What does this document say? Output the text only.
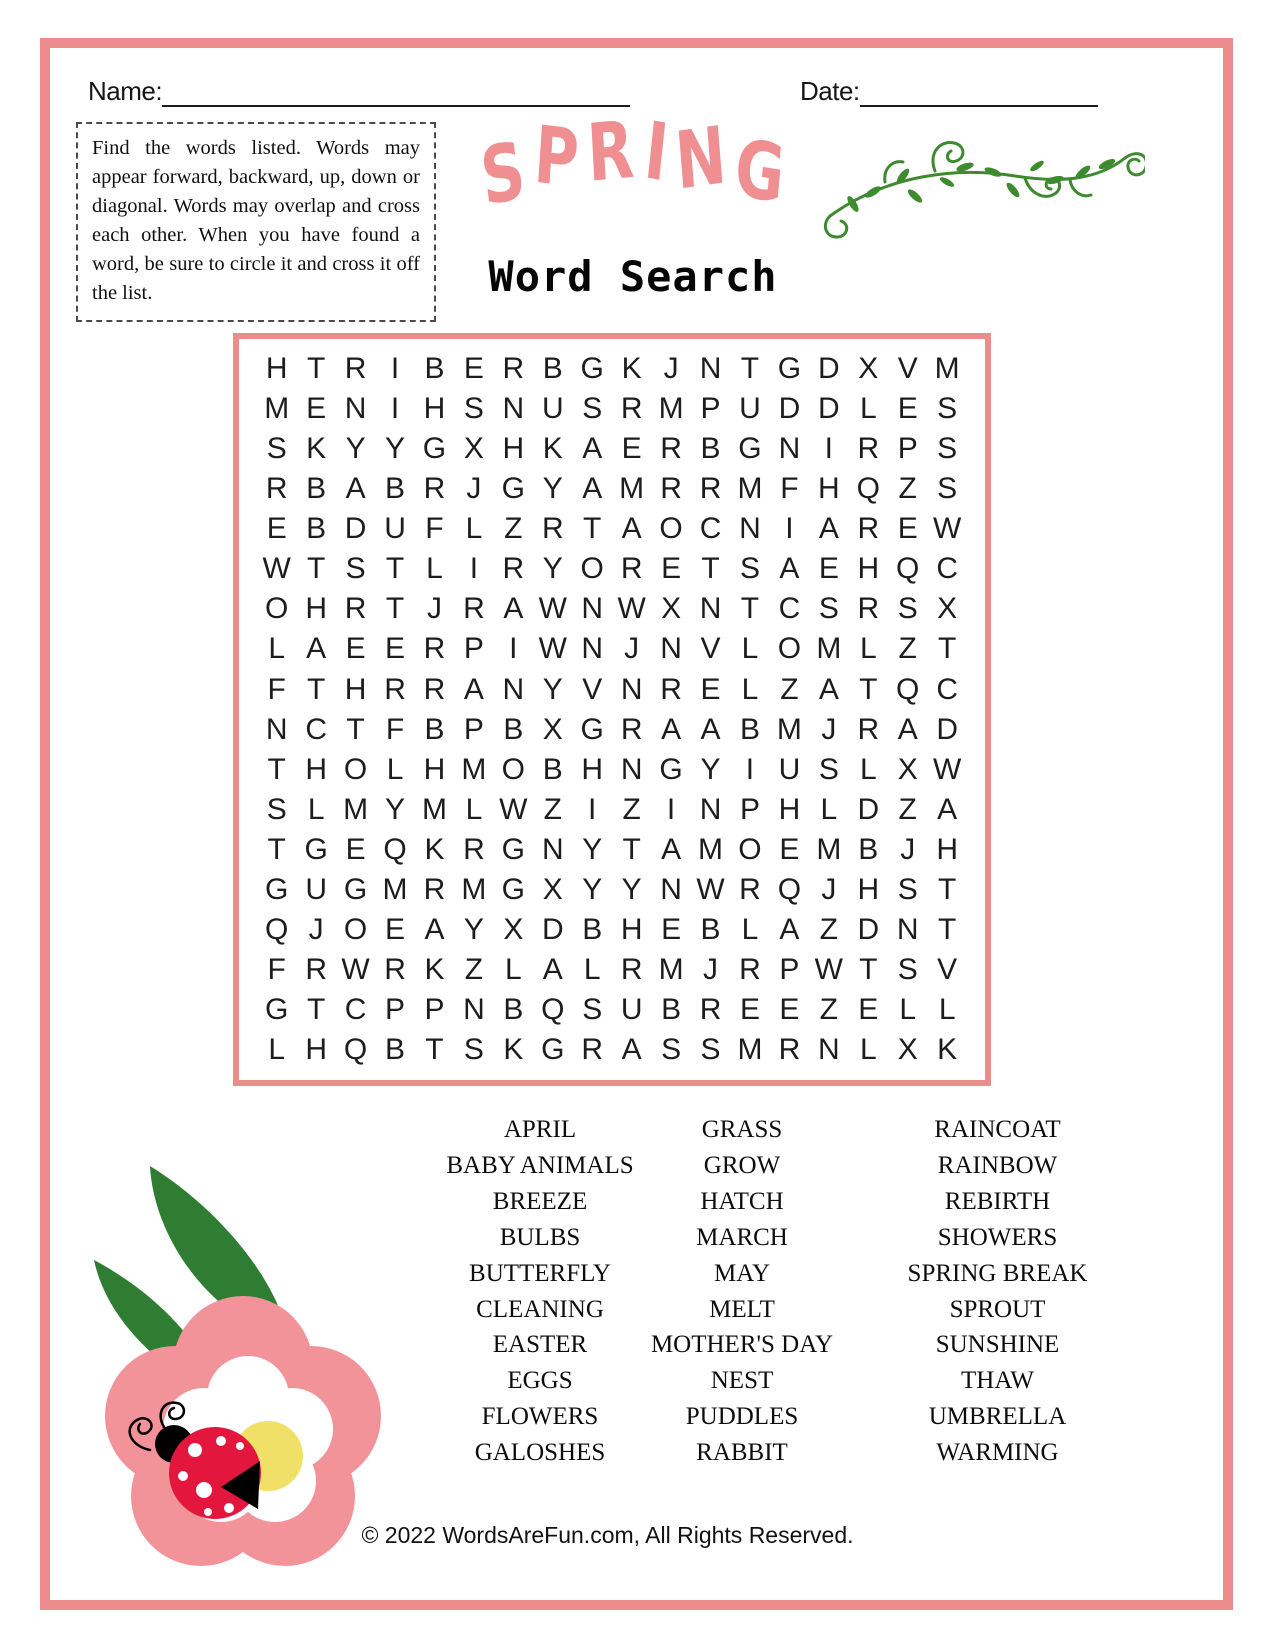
Name:	Date:
Find the words listed. Words may appear forward, backward, up, down or diagonal. Words may overlap and cross each other. When you have found a word, be sure to circle it and cross it off the list.
SPRING
Word Search
H T R I B E R B G K J N T G D X V M
M E N I H S N U S R M P U D D L E S
S K Y Y G X H K A E R B G N I R P S
R B A B R J G Y A M R R M F H Q Z S
E B D U F L Z R T A O C N I A R E W
W T S T L I R Y O R E T S A E H Q C
O H R T J R A W N W X N T C S R S X
L A E E R P I W N J N V L O M L Z T
F T H R R A N Y V N R E L Z A T Q C
N C T F B P B X G R A A B M J R A D
T H O L H M O B H N G Y I U S L X W
S L M Y M L W Z I Z I N P H L D Z A
T G E Q K R G N Y T A M O E M B J H
G U G M R M G X Y Y N W R Q J H S T
Q J O E A Y X D B H E B L A Z D N T
F R W R K Z L A L R M J R P W T S V
G T C P P N B Q S U B R E E Z E L L
L H Q B T S K G R A S S M R N L X K
APRIL
BABY ANIMALS
BREEZE
BULBS
BUTTERFLY
CLEANING
EASTER
EGGS
FLOWERS
GALOSHES
GRASS
GROW
HATCH
MARCH
MAY
MELT
MOTHER'S DAY
NEST
PUDDLES
RABBIT
RAINCOAT
RAINBOW
REBIRTH
SHOWERS
SPRING BREAK
SPROUT
SUNSHINE
THAW
UMBRELLA
WARMING
© 2022 WordsAreFun.com, All Rights Reserved.
